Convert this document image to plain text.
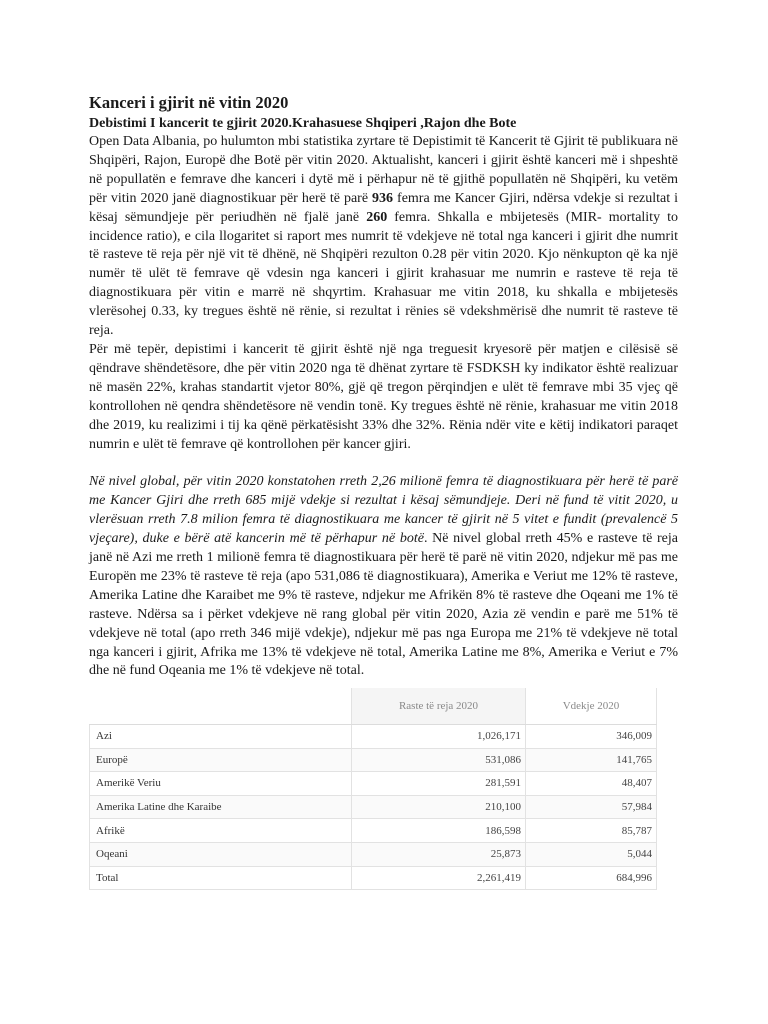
Kanceri i gjirit në vitin 2020
Debistimi I kancerit te gjirit 2020.Krahasuese Shqiperi ,Rajon dhe Bote

Open Data Albania, po hulumton mbi statistika zyrtare të Depistimit të Kancerit të Gjirit të publikuara në Shqipëri, Rajon, Europë dhe Botë për vitin 2020. Aktualisht, kanceri i gjirit është kanceri më i shpeshtë në popullatën e femrave dhe kanceri i dytë më i përhapur në të gjithë popullatën në Shqipëri, ku vetëm për vitin 2020 janë diagnostikuar për herë të parë 936 femra me Kancer Gjiri, ndërsa vdekje si rezultat i kësaj sëmundjeje për periudhën në fjalë janë 260 femra. Shkalla e mbijetesës (MIR- mortality to incidence ratio), e cila llogaritet si raport mes numrit të vdekjeve në total nga kanceri i gjirit dhe numrit të rasteve të reja për një vit të dhënë, në Shqipëri rezulton 0.28 për vitin 2020. Kjo nënkupton që ka një numër të ulët të femrave që vdesin nga kanceri i gjirit krahasuar me numrin e rasteve të reja të diagnostikuara për vitin e marrë në shqyrtim. Krahasuar me vitin 2018, ku shkalla e mbijetesës vlerësohej 0.33, ky tregues është në rënie, si rezultat i rënies së vdekshmërisë dhe numrit të rasteve të reja.

Për më tepër, depistimi i kancerit të gjirit është një nga treguesit kryesorë për matjen e cilësisë së qëndrave shëndetësore, dhe për vitin 2020 nga të dhënat zyrtare të FSDKSH ky indikator është realizuar në masën 22%, krahas standartit vjetor 80%, gjë që tregon përqindjen e ulët të femrave mbi 35 vjeç që kontrollohen në qendra shëndetësore në vendin tonë. Ky tregues është në rënie, krahasuar me vitin 2018 dhe 2019, ku realizimi i tij ka qënë përkatësisht 33% dhe 32%. Rënia ndër vite e këtij indikatori paraqet numrin e ulët të femrave që kontrollohen për kancer gjiri.

Në nivel global, për vitin 2020 konstatohen rreth 2,26 milionë femra të diagnostikuara për herë të parë me Kancer Gjiri dhe rreth 685 mijë vdekje si rezultat i kësaj sëmundjeje. Deri në fund të vitit 2020, u vlerësuan rreth 7.8 milion femra të diagnostikuara me kancer të gjirit në 5 vitet e fundit (prevalencë 5 vjeçare), duke e bërë atë kancerin më të përhapur në botë. Në nivel global rreth 45% e rasteve të reja janë në Azi me rreth 1 milionë femra të diagnostikuara për herë të parë në vitin 2020, ndjekur më pas me Europën me 23% të rasteve të reja (apo 531,086 të diagnostikuara), Amerika e Veriut me 12% të rasteve, Amerika Latine dhe Karaibet me 9% të rasteve, ndjekur me Afrikën 8% të rasteve dhe Oqeani me 1% të rasteve. Ndërsa sa i përket vdekjeve në rang global për vitin 2020, Azia zë vendin e parë me 51% të vdekjeve në total (apo rreth 346 mijë vdekje), ndjekur më pas nga Europa me 21% të vdekjeve në total nga kanceri i gjirit, Afrika me 13% të vdekjeve në total, Amerika Latine me 8%, Amerika e Veriut e 7% dhe në fund Oqeania me 1% të vdekjeve në total.

	Raste të reja 2020	Vdekje 2020
Azi	1,026,171	346,009
Europë	531,086	141,765
Amerikë Veriu	281,591	48,407
Amerika Latine dhe Karaibe	210,100	57,984
Afrikë	186,598	85,787
Oqeani	25,873	5,044
Total	2,261,419	684,996
